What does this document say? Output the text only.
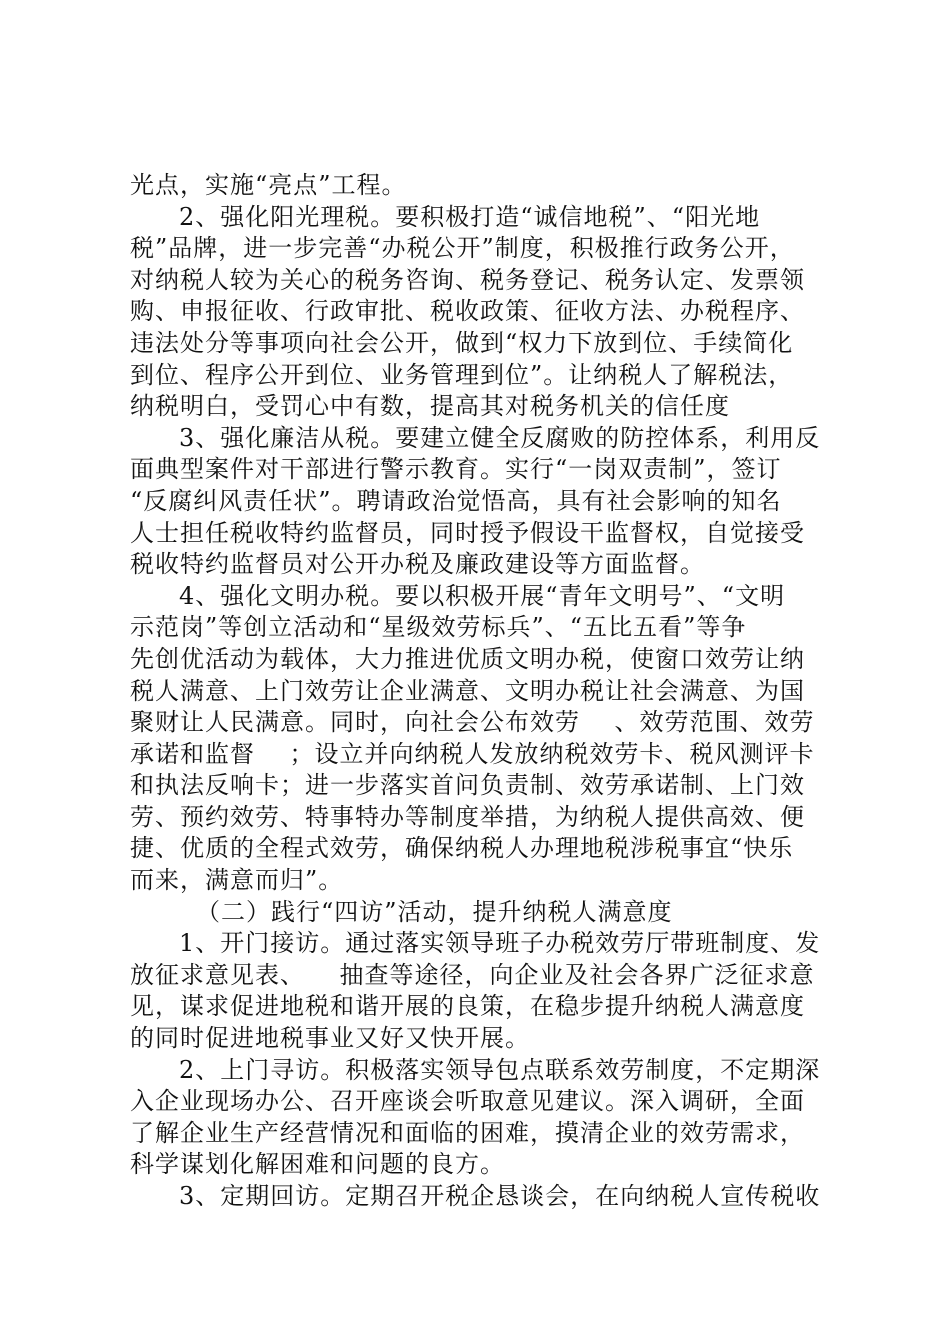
光点，实施“亮点”工程。
2、强化阳光理税。要积极打造“诚信地税”、“阳光地
税”品牌，进一步完善“办税公开”制度，积极推行政务公开，
对纳税人较为关心的税务咨询、税务登记、税务认定、发票领
购、申报征收、行政审批、税收政策、征收方法、办税程序、
违法处分等事项向社会公开，做到“权力下放到位、手续简化
到位、程序公开到位、业务管理到位”。让纳税人了解税法，
纳税明白，受罚心中有数，提高其对税务机关的信任度
3、强化廉洁从税。要建立健全反腐败的防控体系，利用反
面典型案件对干部进行警示教育。实行“一岗双责制”，签订
“反腐纠风责任状”。聘请政治觉悟高，具有社会影响的知名
人士担任税收特约监督员，同时授予假设干监督权，自觉接受
税收特约监督员对公开办税及廉政建设等方面监督。
4、强化文明办税。要以积极开展“青年文明号”、“文明
示范岗”等创立活动和“星级效劳标兵”、“五比五看”等争
先创优活动为载体，大力推进优质文明办税，使窗口效劳让纳
税人满意、上门效劳让企业满意、文明办税让社会满意、为国
聚财让人民满意。同时，向社会公布效劳    、效劳范围、效劳
承诺和监督    ；设立并向纳税人发放纳税效劳卡、税风测评卡
和执法反响卡；进一步落实首问负责制、效劳承诺制、上门效
劳、预约效劳、特事特办等制度举措，为纳税人提供高效、便
捷、优质的全程式效劳，确保纳税人办理地税涉税事宜“快乐
而来，满意而归”。
（二）践行“四访”活动，提升纳税人满意度
1、开门接访。通过落实领导班子办税效劳厅带班制度、发
放征求意见表、    抽查等途径，向企业及社会各界广泛征求意
见，谋求促进地税和谐开展的良策，在稳步提升纳税人满意度
的同时促进地税事业又好又快开展。
2、上门寻访。积极落实领导包点联系效劳制度，不定期深
入企业现场办公、召开座谈会听取意见建议。深入调研，全面
了解企业生产经营情况和面临的困难，摸清企业的效劳需求，
科学谋划化解困难和问题的良方。
3、定期回访。定期召开税企恳谈会，在向纳税人宣传税收
